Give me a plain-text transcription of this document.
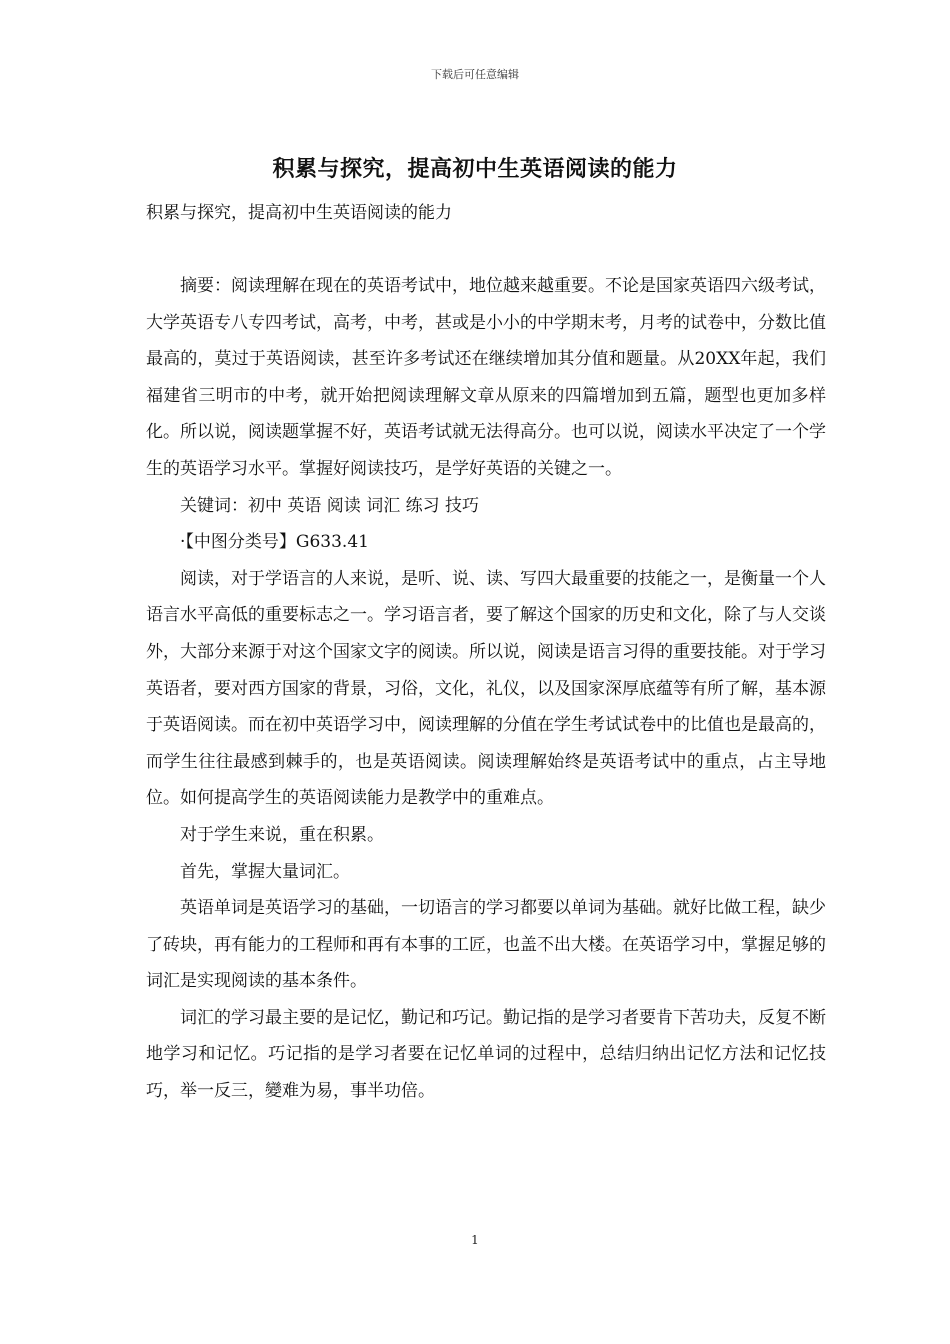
下载后可任意编辑
积累与探究，提高初中生英语阅读的能力
积累与探究，提高初中生英语阅读的能力

摘要：阅读理解在现在的英语考试中，地位越来越重要。不论是国家英语四六级考试，大学英语专八专四考试，高考，中考，甚或是小小的中学期末考，月考的试卷中，分数比值最高的，莫过于英语阅读，甚至许多考试还在继续增加其分值和题量。从20XX年起，我们福建省三明市的中考，就开始把阅读理解文章从原来的四篇增加到五篇，题型也更加多样化。所以说，阅读题掌握不好，英语考试就无法得高分。也可以说，阅读水平决定了一个学生的英语学习水平。掌握好阅读技巧，是学好英语的关键之一。

关键词：初中 英语 阅读 词汇 练习 技巧

·【中图分类号】G633.41

阅读，对于学语言的人来说，是听、说、读、写四大最重要的技能之一，是衡量一个人语言水平高低的重要标志之一。学习语言者，要了解这个国家的历史和文化，除了与人交谈外，大部分来源于对这个国家文字的阅读。所以说，阅读是语言习得的重要技能。对于学习英语者，要对西方国家的背景，习俗，文化，礼仪，以及国家深厚底蕴等有所了解，基本源于英语阅读。而在初中英语学习中，阅读理解的分值在学生考试试卷中的比值也是最高的，而学生往往最感到棘手的，也是英语阅读。阅读理解始终是英语考试中的重点，占主导地位。如何提高学生的英语阅读能力是教学中的重难点。

对于学生来说，重在积累。

首先，掌握大量词汇。

英语单词是英语学习的基础，一切语言的学习都要以单词为基础。就好比做工程，缺少了砖块，再有能力的工程师和再有本事的工匠，也盖不出大楼。在英语学习中，掌握足够的词汇是实现阅读的基本条件。

词汇的学习最主要的是记忆，勤记和巧记。勤记指的是学习者要肯下苦功夫，反复不断地学习和记忆。巧记指的是学习者要在记忆单词的过程中，总结归纳出记忆方法和记忆技巧，举一反三，變难为易，事半功倍。

1
